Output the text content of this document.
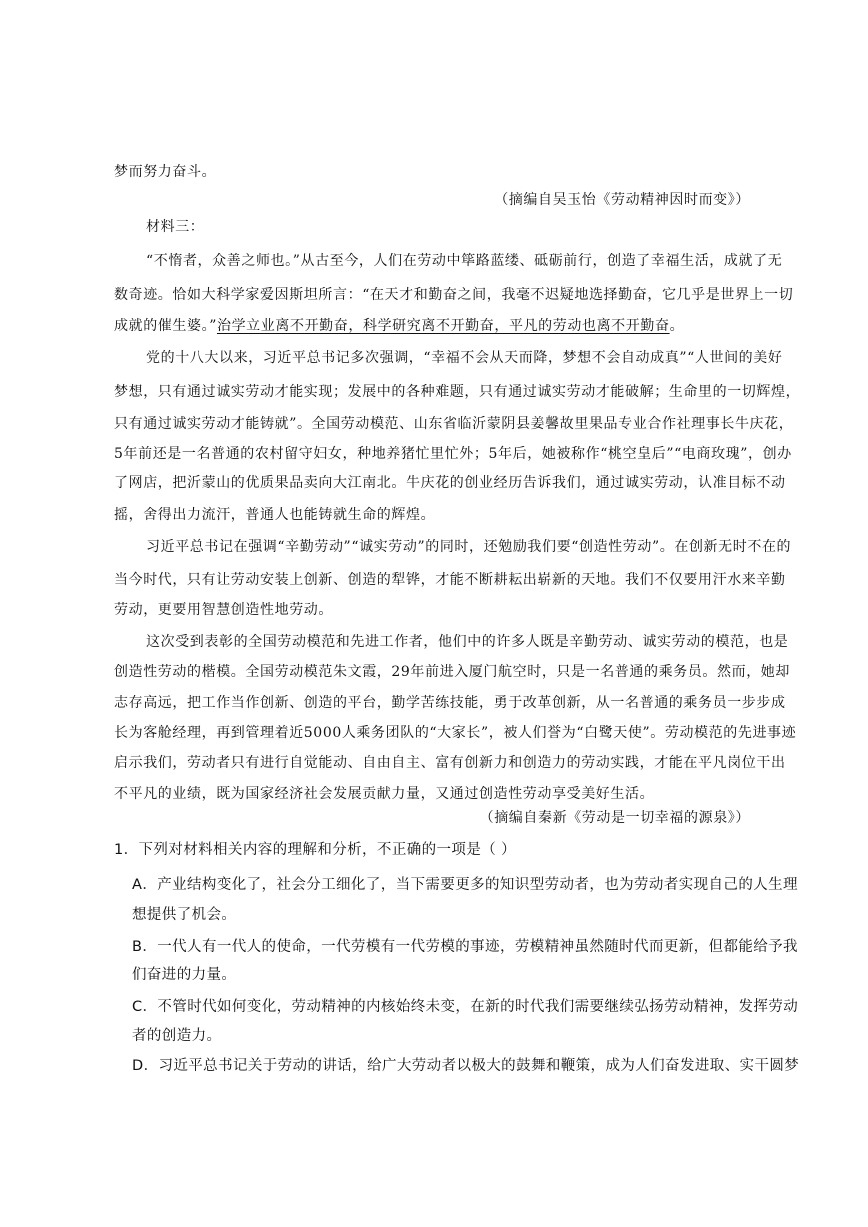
梦而努力奋斗。
（摘编自吴玉怡《劳动精神因时而变》）
材料三：
“不惰者，众善之师也。”从古至今，人们在劳动中筚路蓝缕、砥砺前行，创造了幸福生活，成就了无
数奇迹。恰如大科学家爱因斯坦所言：“在天才和勤奋之间，我毫不迟疑地选择勤奋，它几乎是世界上一切
成就的催生婆。”治学立业离不开勤奋，科学研究离不开勤奋，平凡的劳动也离不开勤奋。
党的十八大以来，习近平总书记多次强调，“幸福不会从天而降，梦想不会自动成真”“人世间的美好
梦想，只有通过诚实劳动才能实现；发展中的各种难题，只有通过诚实劳动才能破解；生命里的一切辉煌，
只有通过诚实劳动才能铸就”。全国劳动模范、山东省临沂蒙阴县姜馨故里果品专业合作社理事长牛庆花，
5年前还是一名普通的农村留守妇女，种地养猪忙里忙外；5年后，她被称作“桃空皇后”“电商玫瑰”，创办
了网店，把沂蒙山的优质果品卖向大江南北。牛庆花的创业经历告诉我们，通过诚实劳动，认准目标不动
摇，舍得出力流汗，普通人也能铸就生命的辉煌。
习近平总书记在强调“辛勤劳动”“诚实劳动”的同时，还勉励我们要“创造性劳动”。在创新无时不在的
当今时代，只有让劳动安装上创新、创造的犁铧，才能不断耕耘出崭新的天地。我们不仅要用汗水来辛勤
劳动，更要用智慧创造性地劳动。
这次受到表彰的全国劳动模范和先进工作者，他们中的许多人既是辛勤劳动、诚实劳动的模范，也是
创造性劳动的楷模。全国劳动模范朱文霞，29年前进入厦门航空时，只是一名普通的乘务员。然而，她却
志存高远，把工作当作创新、创造的平台，勤学苦练技能，勇于改革创新，从一名普通的乘务员一步步成
长为客舱经理，再到管理着近5000人乘务团队的“大家长”，被人们誉为“白鹭天使”。劳动模范的先进事迹
启示我们，劳动者只有进行自觉能动、自由自主、富有创新力和创造力的劳动实践，才能在平凡岗位干出
不平凡的业绩，既为国家经济社会发展贡献力量，又通过创造性劳动享受美好生活。
（摘编自秦新《劳动是一切幸福的源泉》）
1．下列对材料相关内容的理解和分析，不正确的一项是（ ）
A．产业结构变化了，社会分工细化了，当下需要更多的知识型劳动者，也为劳动者实现自己的人生理
想提供了机会。
B．一代人有一代人的使命，一代劳模有一代劳模的事迹，劳模精神虽然随时代而更新，但都能给予我
们奋进的力量。
C．不管时代如何变化，劳动精神的内核始终未变，在新的时代我们需要继续弘扬劳动精神，发挥劳动
者的创造力。
D．习近平总书记关于劳动的讲话，给广大劳动者以极大的鼓舞和鞭策，成为人们奋发进取、实干圆梦
